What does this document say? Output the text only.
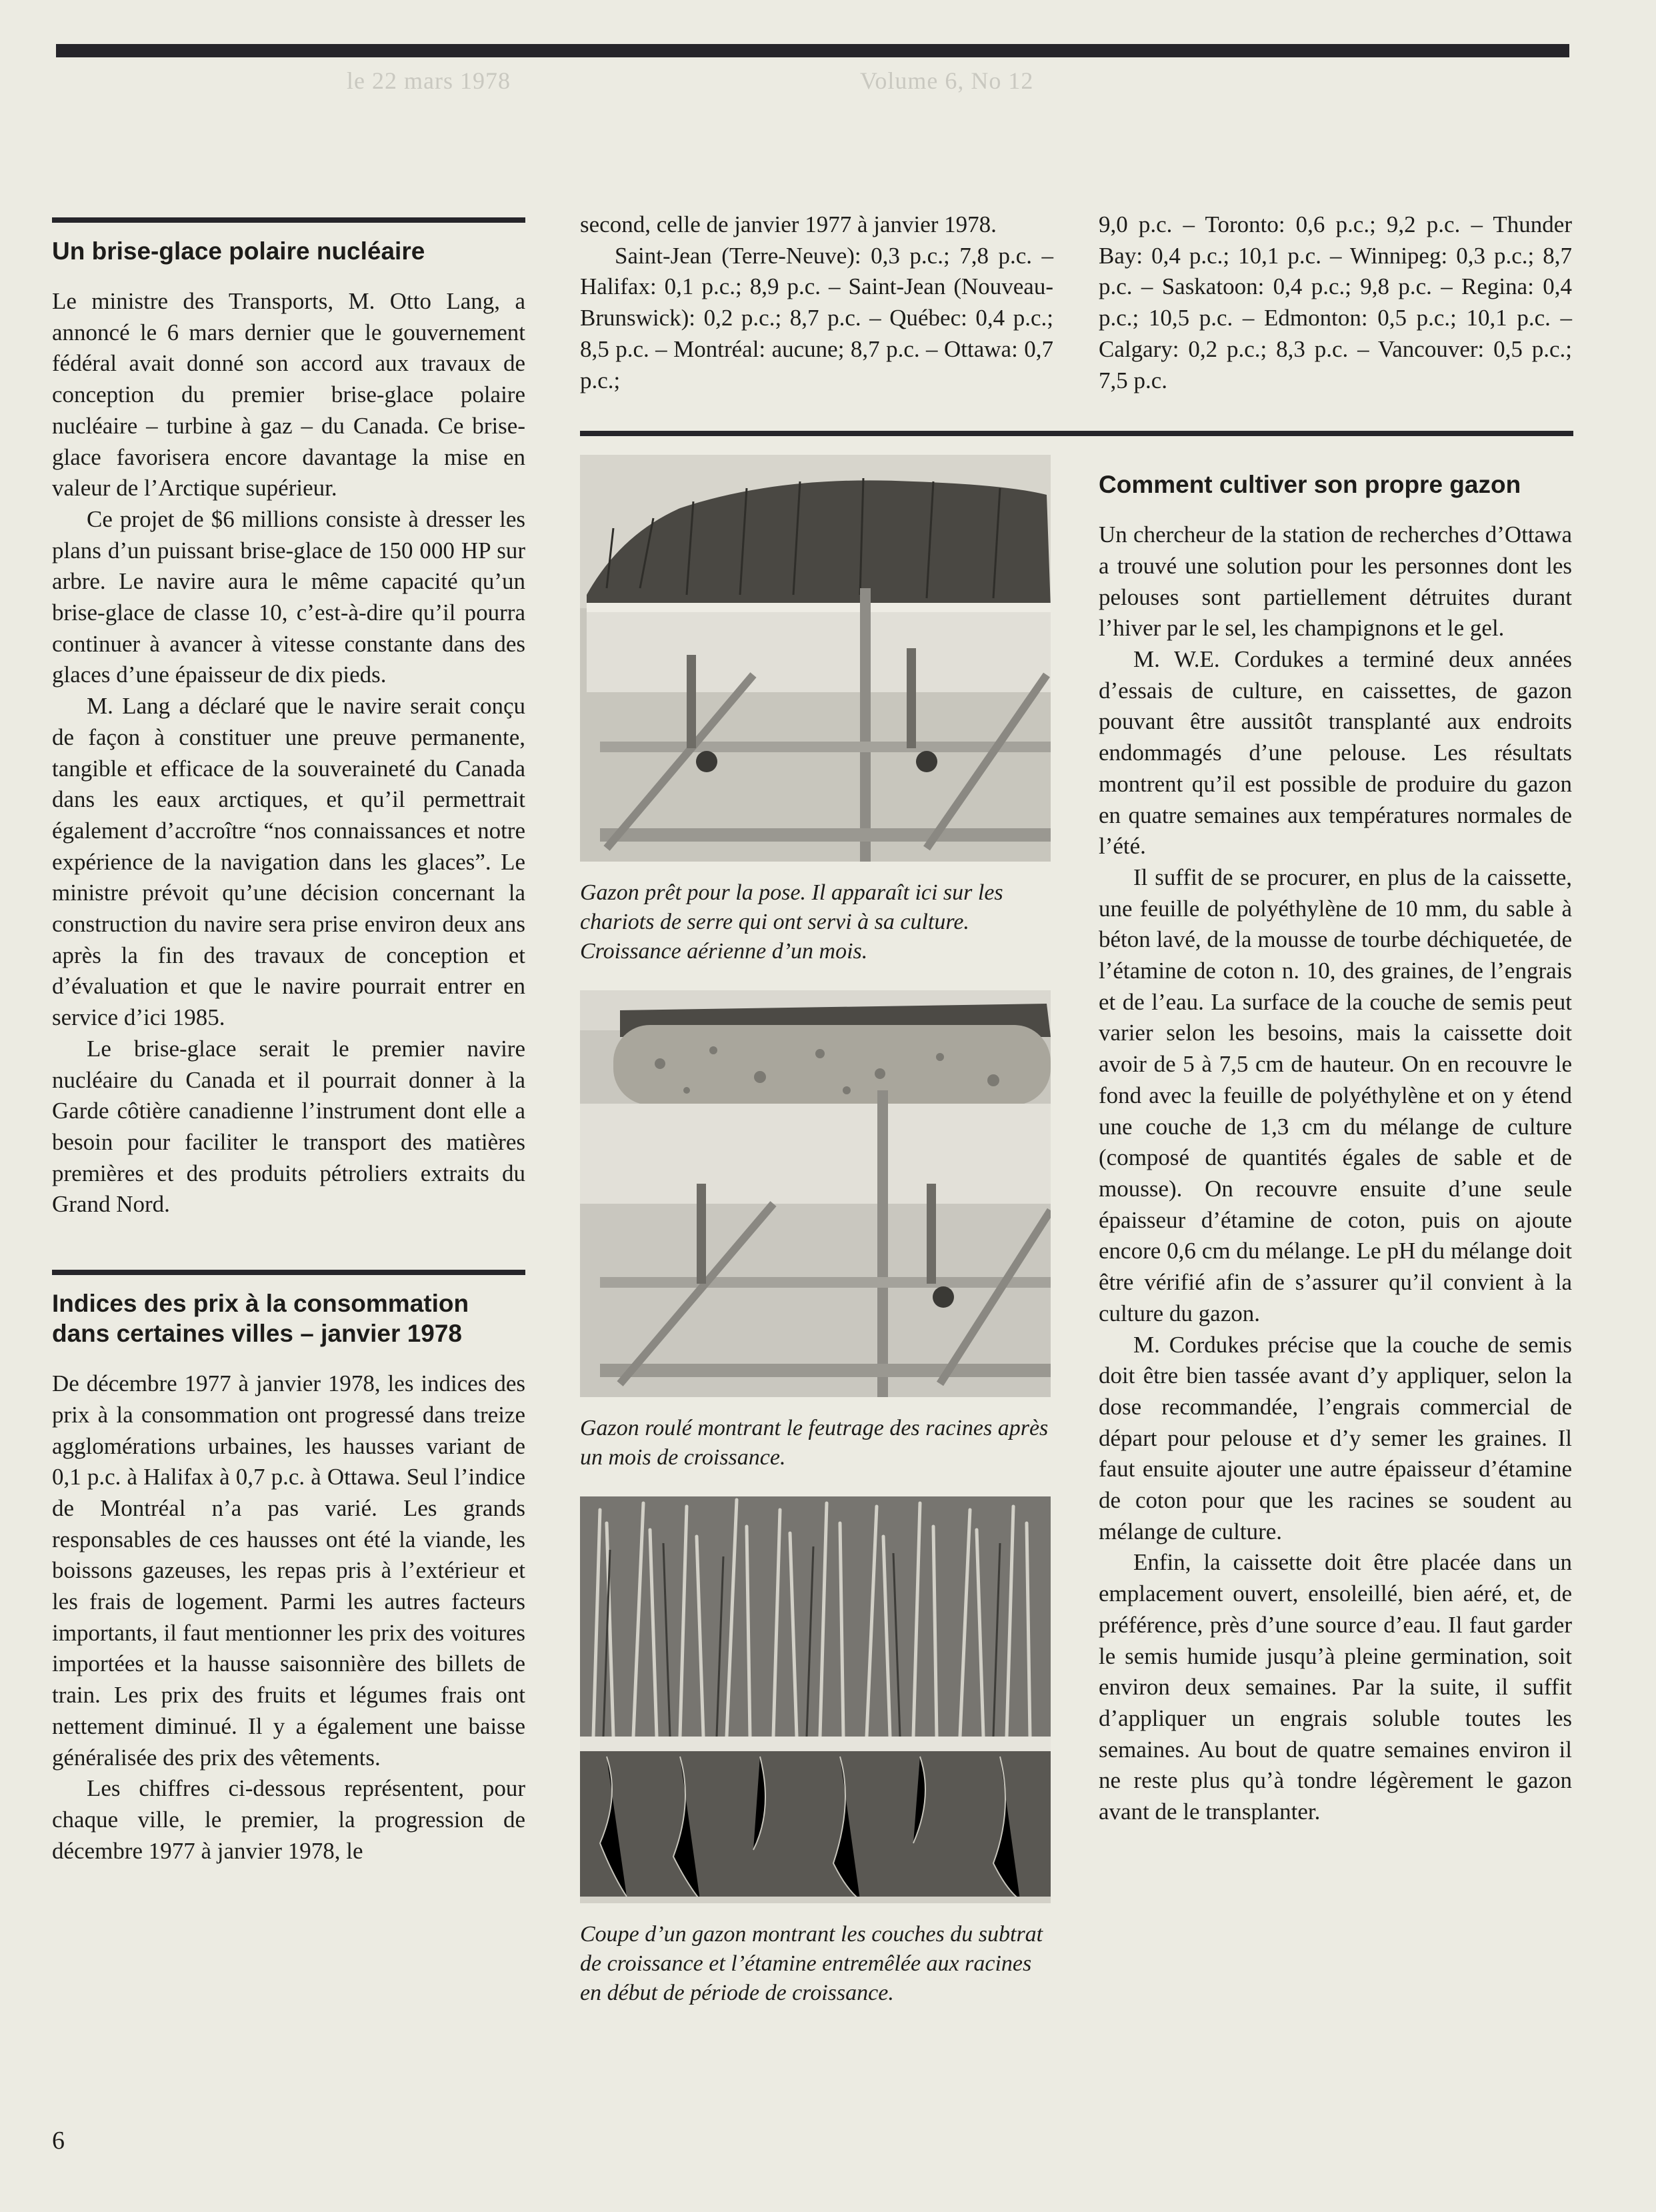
le 22 mars 1978	Volume 6, No 12
Un brise-glace polaire nucléaire

Le ministre des Transports, M. Otto Lang, a annoncé le 6 mars dernier que le gouvernement fédéral avait donné son accord aux travaux de conception du premier brise-glace polaire nucléaire – turbine à gaz – du Canada. Ce brise-glace favorisera encore davantage la mise en valeur de l’Arctique supérieur.

Ce projet de $6 millions consiste à dresser les plans d’un puissant brise-glace de 150 000 HP sur arbre. Le navire aura le même capacité qu’un brise-glace de classe 10, c’est-à-dire qu’il pourra continuer à avancer à vitesse constante dans des glaces d’une épaisseur de dix pieds.

M. Lang a déclaré que le navire serait conçu de façon à constituer une preuve permanente, tangible et efficace de la souveraineté du Canada dans les eaux arctiques, et qu’il permettrait également d’accroître “nos connaissances et notre expérience de la navigation dans les glaces”. Le ministre prévoit qu’une décision concernant la construction du navire sera prise environ deux ans après la fin des travaux de conception et d’évaluation et que le navire pourrait entrer en service d’ici 1985.

Le brise-glace serait le premier navire nucléaire du Canada et il pourrait donner à la Garde côtière canadienne l’instrument dont elle a besoin pour faciliter le transport des matières premières et des produits pétroliers extraits du Grand Nord.

Indices des prix à la consommation dans certaines villes – janvier 1978

De décembre 1977 à janvier 1978, les indices des prix à la consommation ont progressé dans treize agglomérations urbaines, les hausses variant de 0,1 p.c. à Halifax à 0,7 p.c. à Ottawa. Seul l’indice de Montréal n’a pas varié. Les grands responsables de ces hausses ont été la viande, les boissons gazeuses, les repas pris à l’extérieur et les frais de logement. Parmi les autres facteurs importants, il faut mentionner les prix des voitures importées et la hausse saisonnière des billets de train. Les prix des fruits et légumes frais ont nettement diminué. Il y a également une baisse généralisée des prix des vêtements.

Les chiffres ci-dessous représentent, pour chaque ville, le premier, la progression de décembre 1977 à janvier 1978, le

second, celle de janvier 1977 à janvier 1978.

Saint-Jean (Terre-Neuve): 0,3 p.c.; 7,8 p.c. – Halifax: 0,1 p.c.; 8,9 p.c. – Saint-Jean (Nouveau-Brunswick): 0,2 p.c.; 8,7 p.c. – Québec: 0,4 p.c.; 8,5 p.c. – Montréal: aucune; 8,7 p.c. – Ottawa: 0,7 p.c.;

Gazon prêt pour la pose. Il apparaît ici sur les chariots de serre qui ont servi à sa culture. Croissance aérienne d’un mois.
Gazon roulé montrant le feutrage des racines après un mois de croissance.
Coupe d’un gazon montrant les couches du subtrat de croissance et l’étamine entremêlée aux racines en début de période de croissance.

9,0 p.c. – Toronto: 0,6 p.c.; 9,2 p.c. – Thunder Bay: 0,4 p.c.; 10,1 p.c. – Winnipeg: 0,3 p.c.; 8,7 p.c. – Saskatoon: 0,4 p.c.; 9,8 p.c. – Regina: 0,4 p.c.; 10,5 p.c. – Edmonton: 0,5 p.c.; 10,1 p.c. – Calgary: 0,2 p.c.; 8,3 p.c. – Vancouver: 0,5 p.c.; 7,5 p.c.

Comment cultiver son propre gazon

Un chercheur de la station de recherches d’Ottawa a trouvé une solution pour les personnes dont les pelouses sont partiellement détruites durant l’hiver par le sel, les champignons et le gel.

M. W.E. Cordukes a terminé deux années d’essais de culture, en caissettes, de gazon pouvant être aussitôt transplanté aux endroits endommagés d’une pelouse. Les résultats montrent qu’il est possible de produire du gazon en quatre semaines aux températures normales de l’été.

Il suffit de se procurer, en plus de la caissette, une feuille de polyéthylène de 10 mm, du sable à béton lavé, de la mousse de tourbe déchiquetée, de l’étamine de coton n. 10, des graines, de l’engrais et de l’eau. La surface de la couche de semis peut varier selon les besoins, mais la caissette doit avoir de 5 à 7,5 cm de hauteur. On en recouvre le fond avec la feuille de polyéthylène et on y étend une couche de 1,3 cm du mélange de culture (composé de quantités égales de sable et de mousse). On recouvre ensuite d’une seule épaisseur d’étamine de coton, puis on ajoute encore 0,6 cm du mélange. Le pH du mélange doit être vérifié afin de s’assurer qu’il convient à la culture du gazon.

M. Cordukes précise que la couche de semis doit être bien tassée avant d’y appliquer, selon la dose recommandée, l’engrais commercial de départ pour pelouse et d’y semer les graines. Il faut ensuite ajouter une autre épaisseur d’étamine de coton pour que les racines se soudent au mélange de culture.

Enfin, la caissette doit être placée dans un emplacement ouvert, ensoleillé, bien aéré, et, de préférence, près d’une source d’eau. Il faut garder le semis humide jusqu’à pleine germination, soit environ deux semaines. Par la suite, il suffit d’appliquer un engrais soluble toutes les semaines. Au bout de quatre semaines environ il ne reste plus qu’à tondre légèrement le gazon avant de le transplanter.

6
